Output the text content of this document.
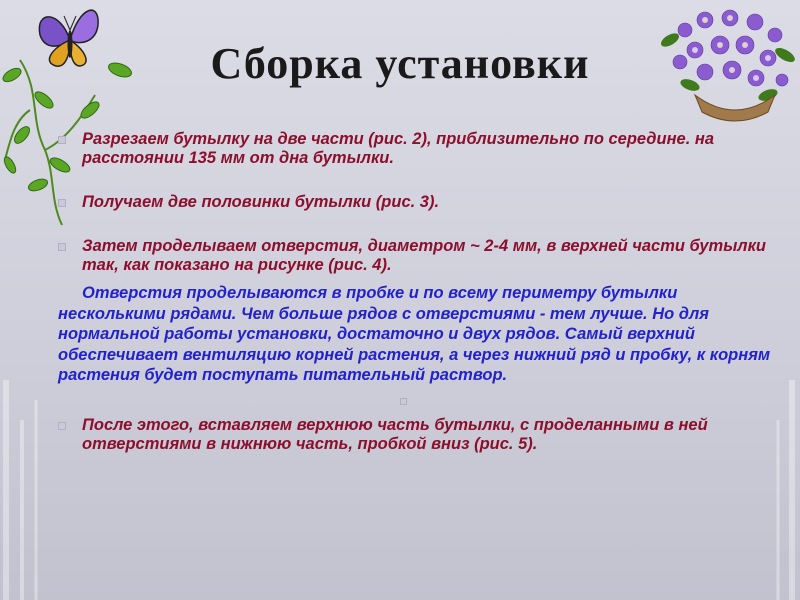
Сборка установки
Разрезаем бутылку на две части (рис. 2), приблизительно по середине. на расстоянии 135 мм от дна бутылки.
Получаем две половинки бутылки (рис. 3).
Затем проделываем отверстия, диаметром ~ 2-4 мм, в верхней части бутылки так, как показано на рисунке (рис. 4).
Отверстия проделываются в пробке и по всему периметру бутылки несколькими рядами. Чем больше рядов с отверстиями - тем лучше. Но для нормальной работы установки, достаточно и двух рядов. Самый верхний обеспечивает вентиляцию корней растения, а через нижний ряд и пробку, к корням растения будет поступать питательный раствор.
После этого, вставляем верхнюю часть бутылки, с проделанными в ней отверстиями в нижнюю часть, пробкой вниз (рис. 5).
